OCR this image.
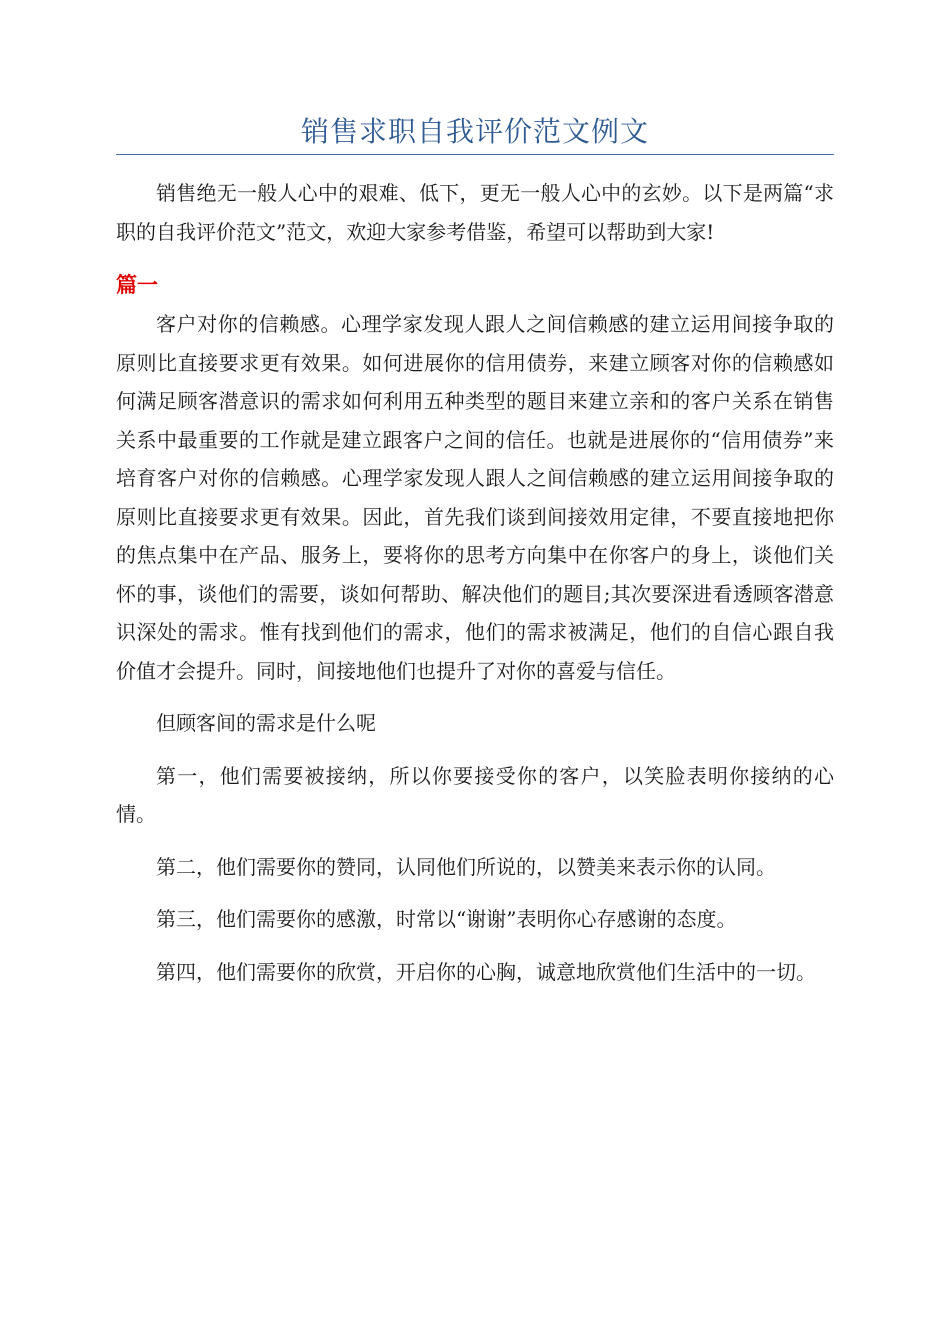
销售求职自我评价范文例文

销售绝无一般人心中的艰难、低下，更无一般人心中的玄妙。以下是两篇“求职的自我评价范文”范文，欢迎大家参考借鉴，希望可以帮助到大家!

篇一

客户对你的信赖感。心理学家发现人跟人之间信赖感的建立运用间接争取的原则比直接要求更有效果。如何进展你的信用债券，来建立顾客对你的信赖感如何满足顾客潜意识的需求如何利用五种类型的题目来建立亲和的客户关系在销售关系中最重要的工作就是建立跟客户之间的信任。也就是进展你的“信用债券”来培育客户对你的信赖感。心理学家发现人跟人之间信赖感的建立运用间接争取的原则比直接要求更有效果。因此，首先我们谈到间接效用定律，不要直接地把你的焦点集中在产品、服务上，要将你的思考方向集中在你客户的身上，谈他们关怀的事，谈他们的需要，谈如何帮助、解决他们的题目;其次要深进看透顾客潜意识深处的需求。惟有找到他们的需求，他们的需求被满足，他们的自信心跟自我价值才会提升。同时，间接地他们也提升了对你的喜爱与信任。

但顾客间的需求是什么呢

第一，他们需要被接纳，所以你要接受你的客户，以笑脸表明你接纳的心情。

第二，他们需要你的赞同，认同他们所说的，以赞美来表示你的认同。

第三，他们需要你的感激，时常以“谢谢”表明你心存感谢的态度。

第四，他们需要你的欣赏，开启你的心胸，诚意地欣赏他们生活中的一切。
